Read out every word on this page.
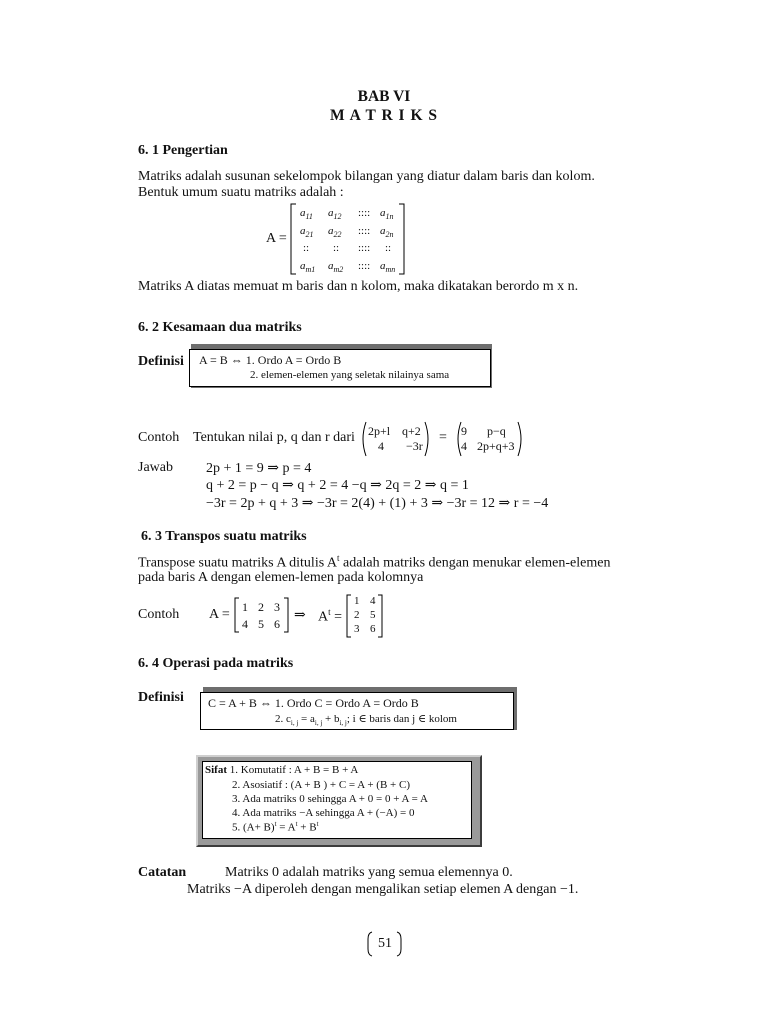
BAB VI
M A T R I K S
6. 1 Pengertian
Matriks adalah susunan sekelompok bilangan yang diatur dalam baris dan kolom.
Bentuk umum suatu matriks adalah :
A =
$a_{11}$ $a_{12}$ :::: $a_{1n}$
$a_{21}$ $a_{22}$ :::: $a_{2n}$
:: :: :::: ::
$a_{m1}$ $a_{m2}$ :::: $a_{mn}$
Matriks A diatas memuat m baris dan n kolom, maka dikatakan berordo m x n.
6. 2 Kesamaan dua matriks
Definisi A = B ⇔ 1. Ordo A = Ordo B
2. elemen-elemen yang seletak nilainya sama
Contoh Tentukan nilai p, q dan r dari 2p+l q+2
4 −3r
= 9 p−q
4 2p+q+3
Jawab 2p + 1 = 9 ⇒ p = 4
q + 2 = p − q ⇒ q + 2 = 4 −q ⇒ 2q = 2 ⇒ q = 1
−3r = 2p + q + 3 ⇒ −3r = 2(4) + (1) + 3 ⇒ −3r = 12 ⇒ r = −4
6. 3 Transpos suatu matriks
Transpose suatu matriks A ditulis $A^t$ adalah matriks dengan menukar elemen-elemen
pada baris A dengan elemen-lemen pada kolomnya
Contoh A = 1 2 3
4 5 6
⇒ $A^t$ =
1 4
2 5
3 6
6. 4 Operasi pada matriks
Definisi C = A + B ⇔ 1. Ordo C = Ordo A = Ordo B
2. $c_{i, j} = a_{i, j} + b_{i, j}$; i ∈ baris dan j ∈ kolom
Sifat 1. Komutatif : A + B = B + A
2. Asosiatif : (A + B ) + C = A + (B + C)
3. Ada matriks 0 sehingga A + 0 = 0 + A = A
4. Ada matriks −A sehingga A + (−A) = 0
5. $(A+ B)^t = A^t + B^t$
Catatan	Matriks 0 adalah matriks yang semua elemennya 0.
Matriks −A diperoleh dengan mengalikan setiap elemen A dengan −1.
51
